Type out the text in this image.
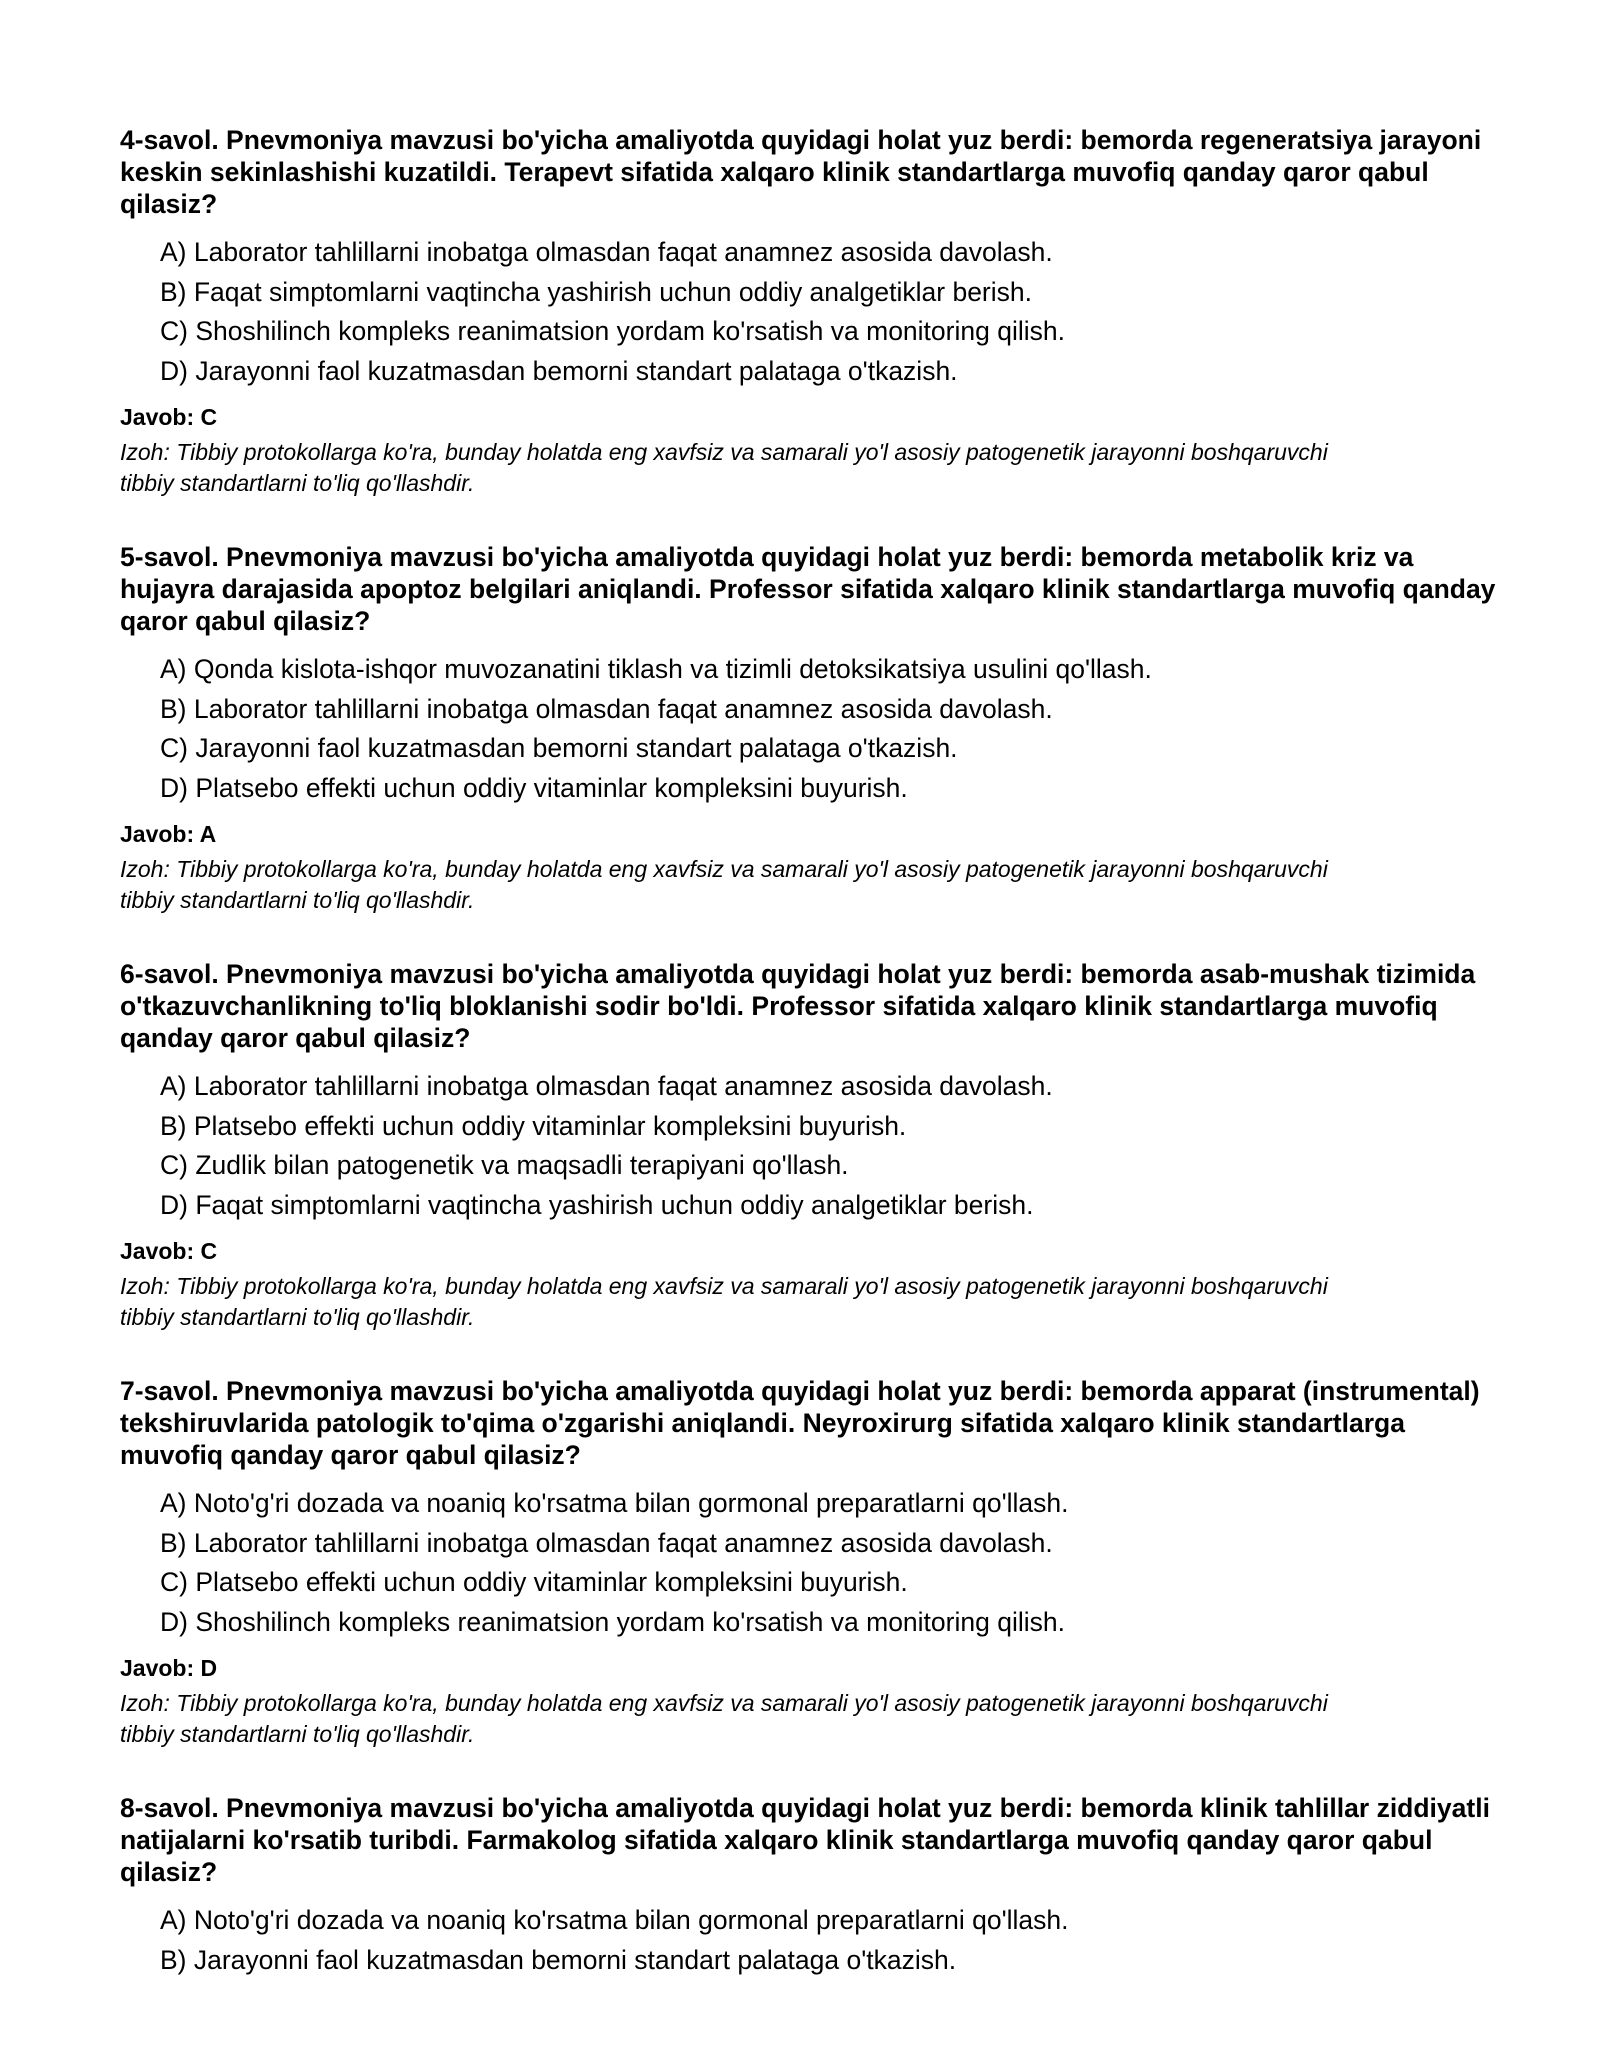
4-savol. Pnevmoniya mavzusi bo'yicha amaliyotda quyidagi holat yuz berdi: bemorda regeneratsiya jarayoni keskin sekinlashishi kuzatildi. Terapevt sifatida xalqaro klinik standartlarga muvofiq qanday qaror qabul qilasiz?
A) Laborator tahlillarni inobatga olmasdan faqat anamnez asosida davolash.
B) Faqat simptomlarni vaqtincha yashirish uchun oddiy analgetiklar berish.
C) Shoshilinch kompleks reanimatsion yordam ko'rsatish va monitoring qilish.
D) Jarayonni faol kuzatmasdan bemorni standart palataga o'tkazish.
Javob: C
Izoh: Tibbiy protokollarga ko'ra, bunday holatda eng xavfsiz va samarali yo'l asosiy patogenetik jarayonni boshqaruvchi tibbiy standartlarni to'liq qo'llashdir.
5-savol. Pnevmoniya mavzusi bo'yicha amaliyotda quyidagi holat yuz berdi: bemorda metabolik kriz va hujayra darajasida apoptoz belgilari aniqlandi. Professor sifatida xalqaro klinik standartlarga muvofiq qanday qaror qabul qilasiz?
A) Qonda kislota-ishqor muvozanatini tiklash va tizimli detoksikatsiya usulini qo'llash.
B) Laborator tahlillarni inobatga olmasdan faqat anamnez asosida davolash.
C) Jarayonni faol kuzatmasdan bemorni standart palataga o'tkazish.
D) Platsebo effekti uchun oddiy vitaminlar kompleksini buyurish.
Javob: A
Izoh: Tibbiy protokollarga ko'ra, bunday holatda eng xavfsiz va samarali yo'l asosiy patogenetik jarayonni boshqaruvchi tibbiy standartlarni to'liq qo'llashdir.
6-savol. Pnevmoniya mavzusi bo'yicha amaliyotda quyidagi holat yuz berdi: bemorda asab-mushak tizimida o'tkazuvchanlikning to'liq bloklanishi sodir bo'ldi. Professor sifatida xalqaro klinik standartlarga muvofiq qanday qaror qabul qilasiz?
A) Laborator tahlillarni inobatga olmasdan faqat anamnez asosida davolash.
B) Platsebo effekti uchun oddiy vitaminlar kompleksini buyurish.
C) Zudlik bilan patogenetik va maqsadli terapiyani qo'llash.
D) Faqat simptomlarni vaqtincha yashirish uchun oddiy analgetiklar berish.
Javob: C
Izoh: Tibbiy protokollarga ko'ra, bunday holatda eng xavfsiz va samarali yo'l asosiy patogenetik jarayonni boshqaruvchi tibbiy standartlarni to'liq qo'llashdir.
7-savol. Pnevmoniya mavzusi bo'yicha amaliyotda quyidagi holat yuz berdi: bemorda apparat (instrumental) tekshiruvlarida patologik to'qima o'zgarishi aniqlandi. Neyroxirurg sifatida xalqaro klinik standartlarga muvofiq qanday qaror qabul qilasiz?
A) Noto'g'ri dozada va noaniq ko'rsatma bilan gormonal preparatlarni qo'llash.
B) Laborator tahlillarni inobatga olmasdan faqat anamnez asosida davolash.
C) Platsebo effekti uchun oddiy vitaminlar kompleksini buyurish.
D) Shoshilinch kompleks reanimatsion yordam ko'rsatish va monitoring qilish.
Javob: D
Izoh: Tibbiy protokollarga ko'ra, bunday holatda eng xavfsiz va samarali yo'l asosiy patogenetik jarayonni boshqaruvchi tibbiy standartlarni to'liq qo'llashdir.
8-savol. Pnevmoniya mavzusi bo'yicha amaliyotda quyidagi holat yuz berdi: bemorda klinik tahlillar ziddiyatli natijalarni ko'rsatib turibdi. Farmakolog sifatida xalqaro klinik standartlarga muvofiq qanday qaror qabul qilasiz?
A) Noto'g'ri dozada va noaniq ko'rsatma bilan gormonal preparatlarni qo'llash.
B) Jarayonni faol kuzatmasdan bemorni standart palataga o'tkazish.
